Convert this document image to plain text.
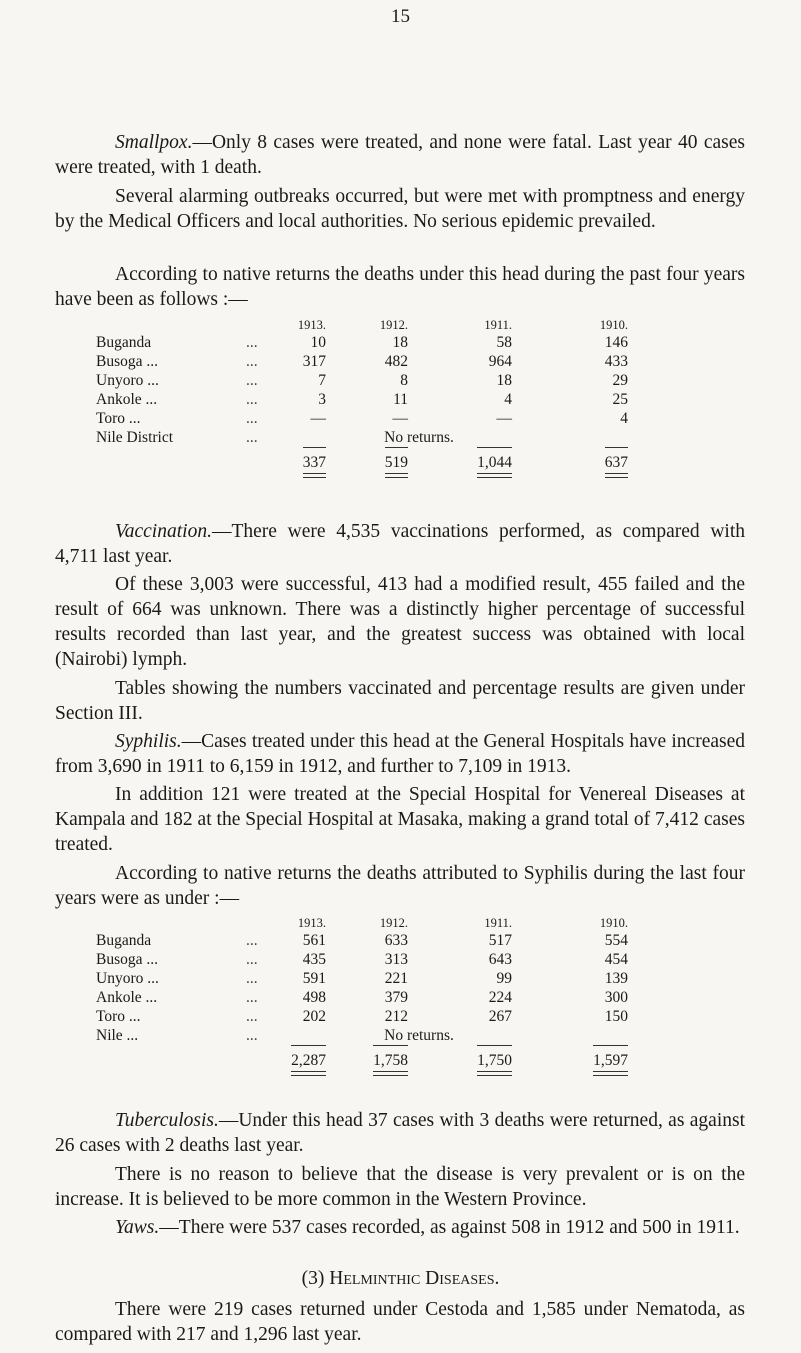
15
Smallpox.—Only 8 cases were treated, and none were fatal. Last year 40 cases were treated, with 1 death.
Several alarming outbreaks occurred, but were met with promptness and energy by the Medical Officers and local authorities. No serious epidemic prevailed.
According to native returns the deaths under this head during the past four years have been as follows :—
		1913.	1912.	1911.	1910.
Buganda	...	10	18	58	146
Busoga ...	...	317	482	964	433
Unyoro ...	...	7	8	18	29
Ankole ...	...	3	11	4	25
Toro ...	...	—	—	—	4
Nile District	...		No returns.		
		337	519	1,044	637
Vaccination.—There were 4,535 vaccinations performed, as compared with 4,711 last year.
Of these 3,003 were successful, 413 had a modified result, 455 failed and the result of 664 was unknown. There was a distinctly higher percentage of successful results recorded than last year, and the greatest success was obtained with local (Nairobi) lymph.
Tables showing the numbers vaccinated and percentage results are given under Section III.
Syphilis.—Cases treated under this head at the General Hospitals have increased from 3,690 in 1911 to 6,159 in 1912, and further to 7,109 in 1913.
In addition 121 were treated at the Special Hospital for Venereal Diseases at Kampala and 182 at the Special Hospital at Masaka, making a grand total of 7,412 cases treated.
According to native returns the deaths attributed to Syphilis during the last four years were as under :—
		1913.	1912.	1911.	1910.
Buganda	...	561	633	517	554
Busoga ...	...	435	313	643	454
Unyoro ...	...	591	221	99	139
Ankole ...	...	498	379	224	300
Toro ...	...	202	212	267	150
Nile ...	...		No returns.		
		2,287	1,758	1,750	1,597
Tuberculosis.—Under this head 37 cases with 3 deaths were returned, as against 26 cases with 2 deaths last year.
There is no reason to believe that the disease is very prevalent or is on the increase. It is believed to be more common in the Western Province.
Yaws.—There were 537 cases recorded, as against 508 in 1912 and 500 in 1911.
(3) Helminthic Diseases.
There were 219 cases returned under Cestoda and 1,585 under Nematoda, as compared with 217 and 1,296 last year.
